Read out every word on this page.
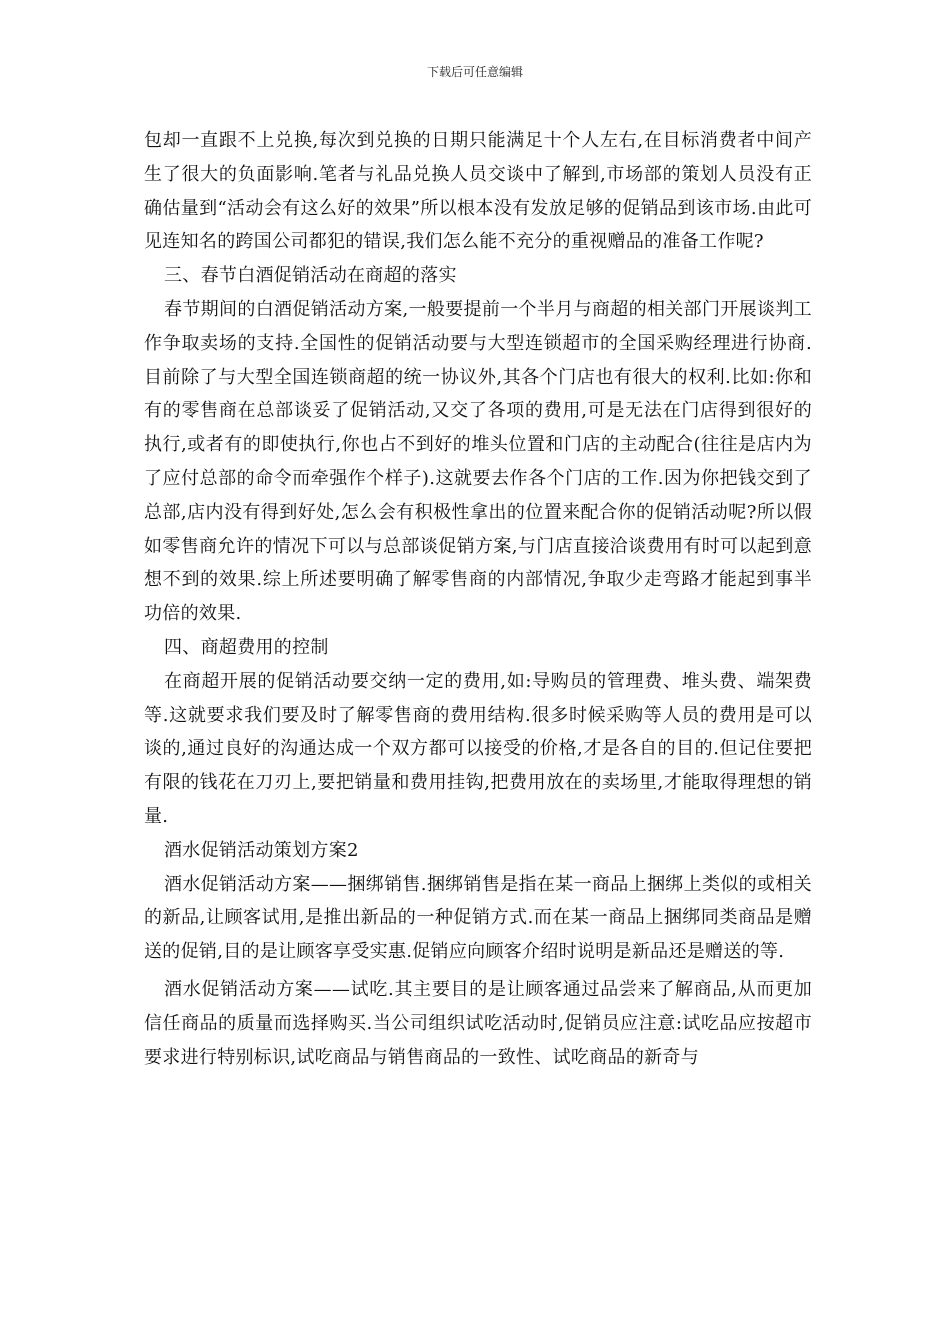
下载后可任意编辑

包却一直跟不上兑换,每次到兑换的日期只能满足十个人左右,在目标消费者中间产生了很大的负面影响.笔者与礼品兑换人员交谈中了解到,市场部的策划人员没有正确估量到“活动会有这么好的效果”所以根本没有发放足够的促销品到该市场.由此可见连知名的跨国公司都犯的错误,我们怎么能不充分的重视赠品的准备工作呢?

三、春节白酒促销活动在商超的落实

春节期间的白酒促销活动方案,一般要提前一个半月与商超的相关部门开展谈判工作争取卖场的支持.全国性的促销活动要与大型连锁超市的全国采购经理进行协商.目前除了与大型全国连锁商超的统一协议外,其各个门店也有很大的权利.比如:你和有的零售商在总部谈妥了促销活动,又交了各项的费用,可是无法在门店得到很好的执行,或者有的即使执行,你也占不到好的堆头位置和门店的主动配合(往往是店内为了应付总部的命令而牵强作个样子).这就要去作各个门店的工作.因为你把钱交到了总部,店内没有得到好处,怎么会有积极性拿出的位置来配合你的促销活动呢?所以假如零售商允许的情况下可以与总部谈促销方案,与门店直接洽谈费用有时可以起到意想不到的效果.综上所述要明确了解零售商的内部情况,争取少走弯路才能起到事半功倍的效果.

四、商超费用的控制

在商超开展的促销活动要交纳一定的费用,如:导购员的管理费、堆头费、端架费等.这就要求我们要及时了解零售商的费用结构.很多时候采购等人员的费用是可以谈的,通过良好的沟通达成一个双方都可以接受的价格,才是各自的目的.但记住要把有限的钱花在刀刃上,要把销量和费用挂钩,把费用放在的卖场里,才能取得理想的销量.

酒水促销活动策划方案2

酒水促销活动方案——捆绑销售.捆绑销售是指在某一商品上捆绑上类似的或相关的新品,让顾客试用,是推出新品的一种促销方式.而在某一商品上捆绑同类商品是赠送的促销,目的是让顾客享受实惠.促销应向顾客介绍时说明是新品还是赠送的等.

酒水促销活动方案——试吃.其主要目的是让顾客通过品尝来了解商品,从而更加信任商品的质量而选择购买.当公司组织试吃活动时,促销员应注意:试吃品应按超市要求进行特别标识,试吃商品与销售商品的一致性、试吃商品的新奇与
